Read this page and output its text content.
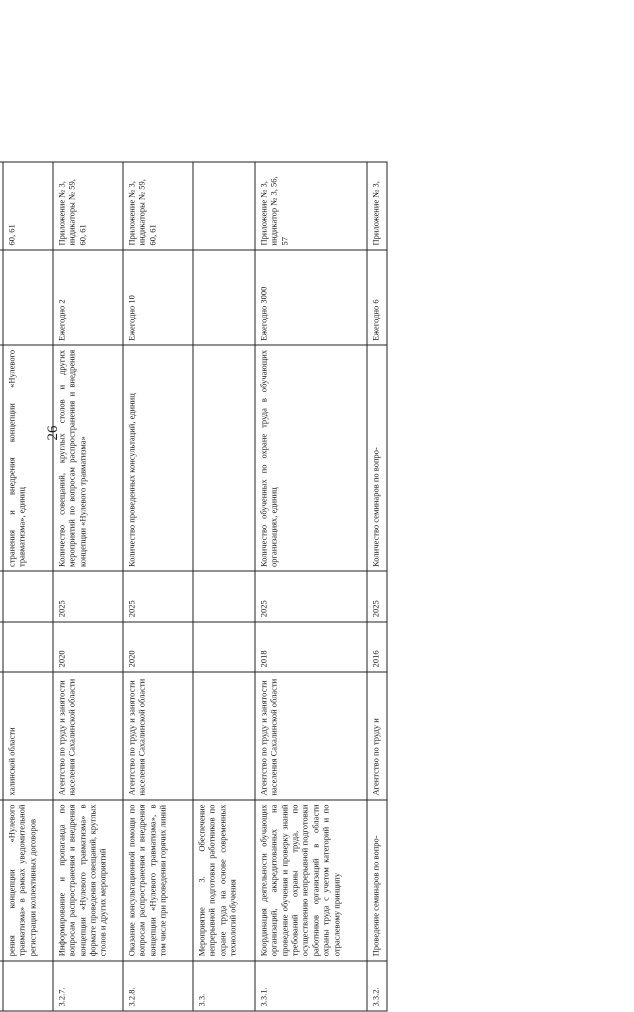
26

	рения концепции «Нулевого травматизма» в рамках уведомительной регистрации коллективных договоров	халинской области			странения и внедрения концепции «Нулевого травматизма», единиц		60, 61
3.2.7.	Информирование и пропаганда по вопросам распространения и внедрения концепции «Нулевого травматизма» в формате проведения совещаний, круглых столов и других мероприятий	Агентство по труду и занятости населения Сахалинской области	2020	2025	Количество совещаний, круглых столов и других мероприятий по вопросам распространения и внедрения концепции «Нулевого травматизма»	Ежегодно 2	Приложение № 3, индикаторы № 59, 60, 61
3.2.8.	Оказание консультационной помощи по вопросам распространения и внедрения концепции «Нулевого травматизма», в том числе при проведении горячих линий	Агентство по труду и занятости населения Сахалинской области	2020	2025	Количество проведенных консультаций, единиц	Ежегодно 10	Приложение № 3, индикаторы № 59, 60, 61
3.3.	Мероприятие 3. Обеспечение непрерывной подготовки работников по охране труда на основе современных технологий обучения						
3.3.1.	Координация деятельности обучающих организаций, аккредитованных на проведение обучения и проверку знаний требований охраны труда, по осуществлению непрерывной подготовки работников организаций в области охраны труда с учетом категорий и по отраслевому принципу	Агентство по труду и занятости населения Сахалинской области	2018	2025	Количество обученных по охране труда в обучающих организациях, единиц	Ежегодно 3000	Приложение № 3, индикатор № 3, 56, 57
3.3.2.	Проведение семинаров по вопро-	Агентство по труду и	2016	2025	Количество семинаров по вопро-	Ежегодно 6	Приложение № 3,
